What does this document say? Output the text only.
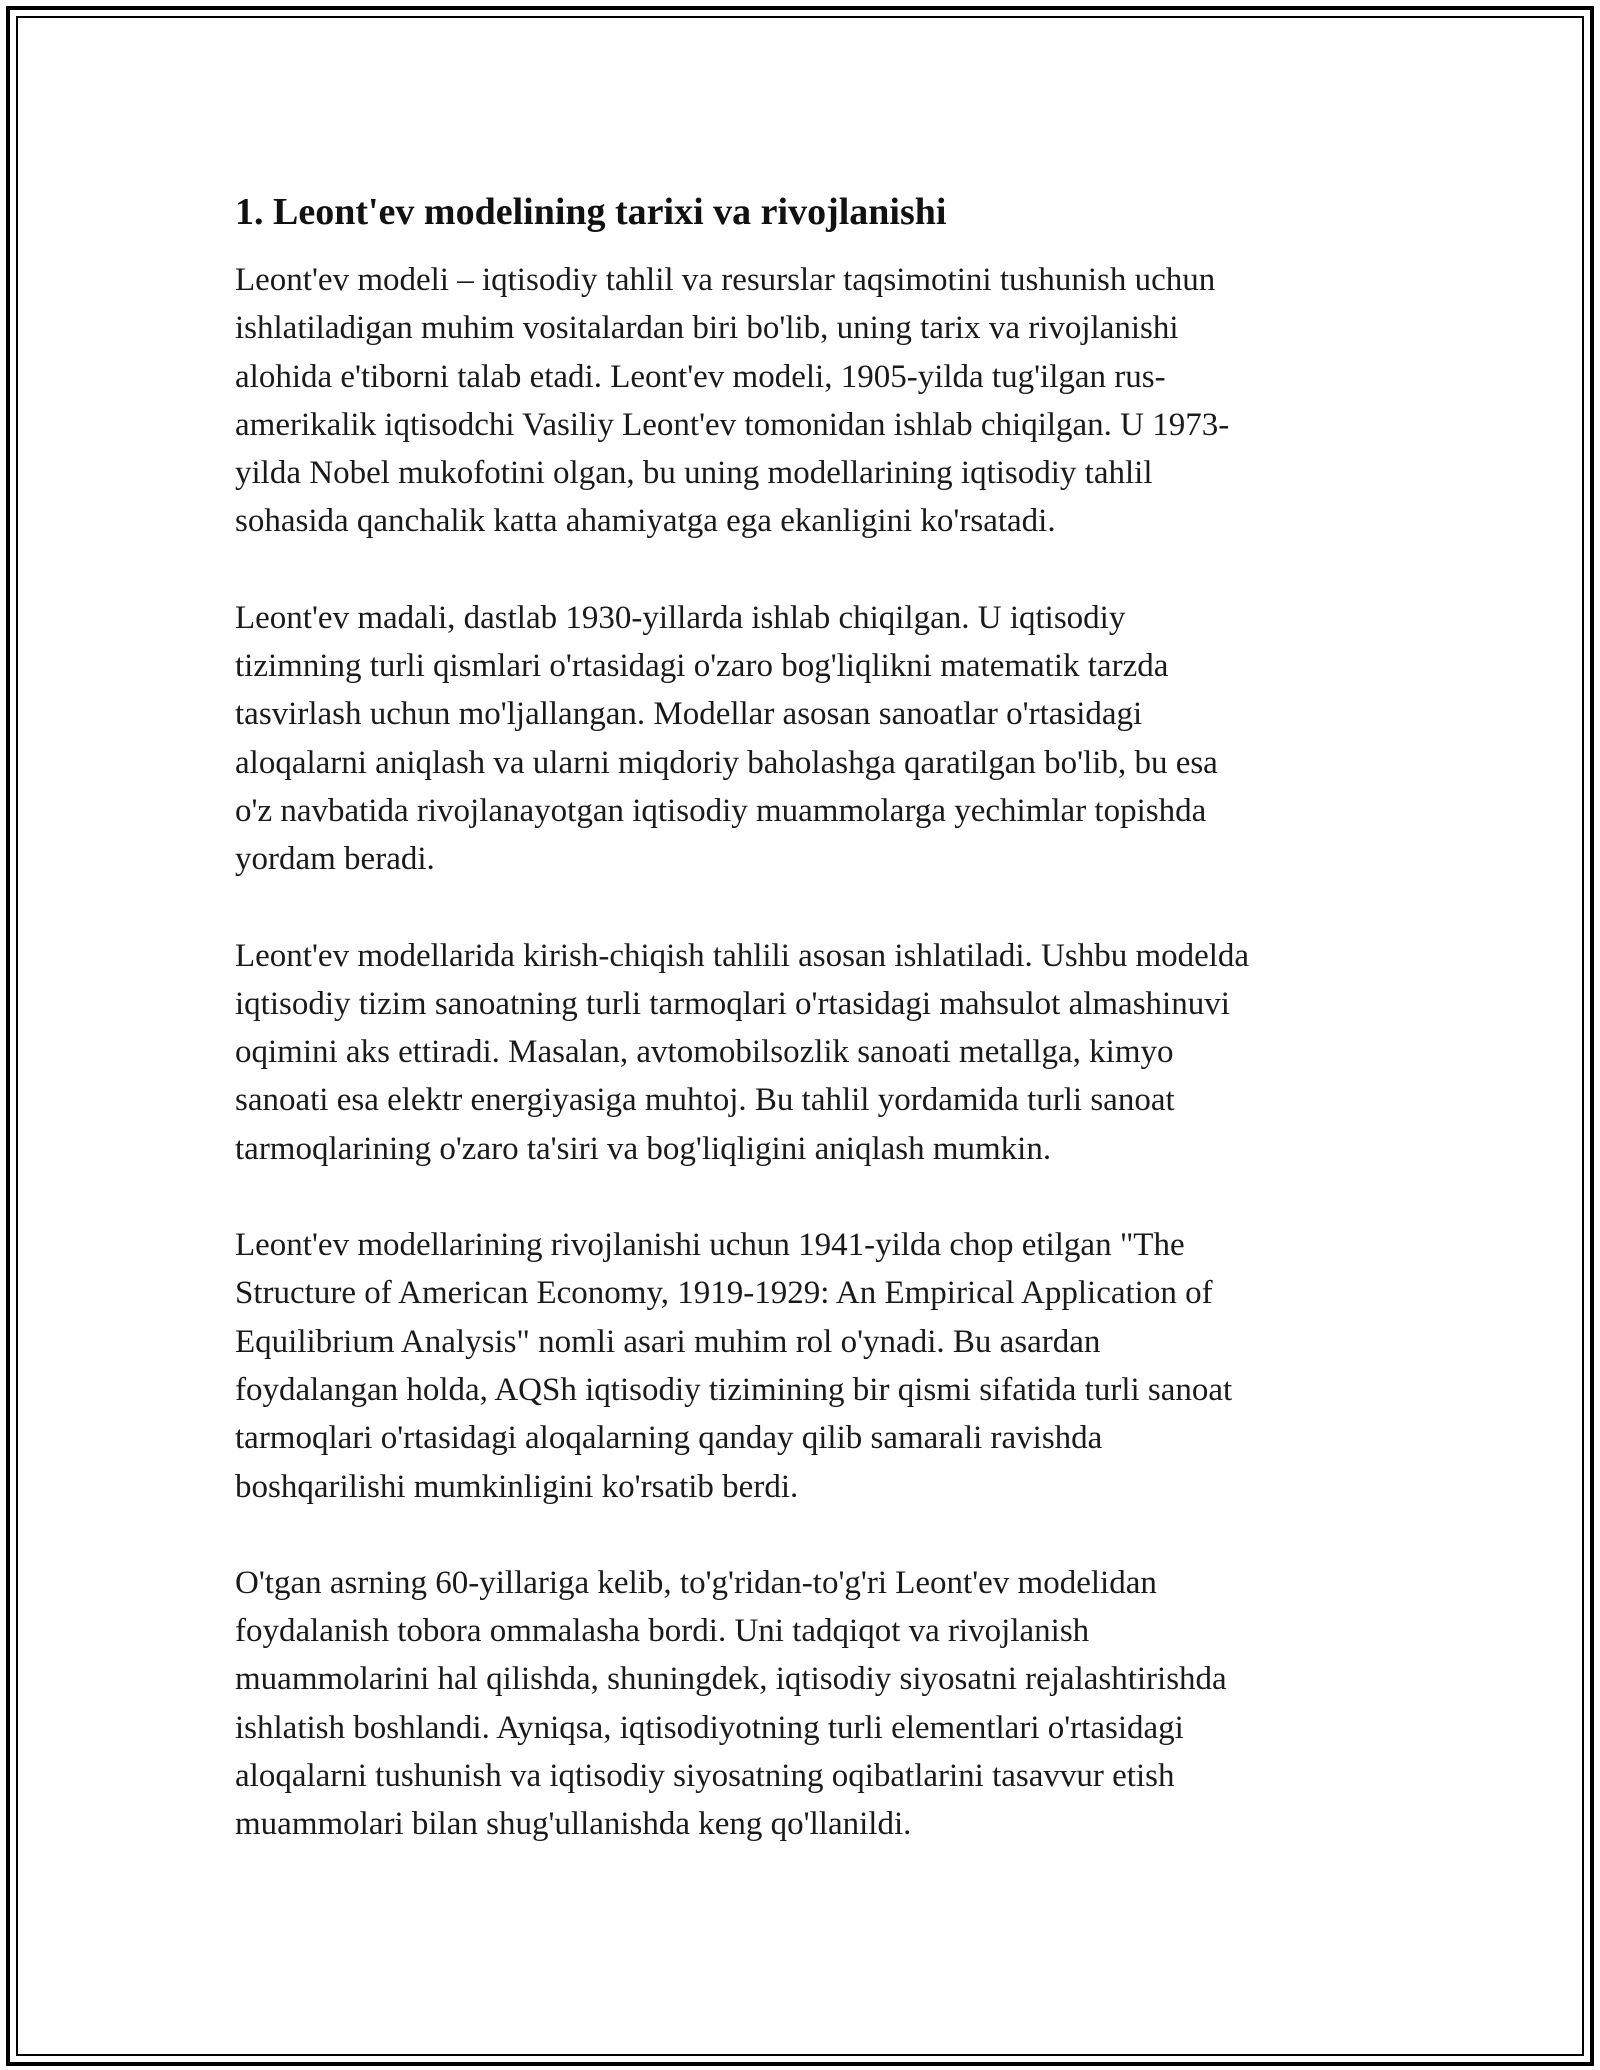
1. Leont'ev modelining tarixi va rivojlanishi

Leont'ev modeli – iqtisodiy tahlil va resurslar taqsimotini tushunish uchun
ishlatiladigan muhim vositalardan biri bo'lib, uning tarix va rivojlanishi
alohida e'tiborni talab etadi. Leont'ev modeli, 1905-yilda tug'ilgan rus-
amerikalik iqtisodchi Vasiliy Leont'ev tomonidan ishlab chiqilgan. U 1973-
yilda Nobel mukofotini olgan, bu uning modellarining iqtisodiy tahlil
sohasida qanchalik katta ahamiyatga ega ekanligini ko'rsatadi.

Leont'ev madali, dastlab 1930-yillarda ishlab chiqilgan. U iqtisodiy
tizimning turli qismlari o'rtasidagi o'zaro bog'liqlikni matematik tarzda
tasvirlash uchun mo'ljallangan. Modellar asosan sanoatlar o'rtasidagi
aloqalarni aniqlash va ularni miqdoriy baholashga qaratilgan bo'lib, bu esa
o'z navbatida rivojlanayotgan iqtisodiy muammolarga yechimlar topishda
yordam beradi.

Leont'ev modellarida kirish-chiqish tahlili asosan ishlatiladi. Ushbu modelda
iqtisodiy tizim sanoatning turli tarmoqlari o'rtasidagi mahsulot almashinuvi
oqimini aks ettiradi. Masalan, avtomobilsozlik sanoati metallga, kimyo
sanoati esa elektr energiyasiga muhtoj. Bu tahlil yordamida turli sanoat
tarmoqlarining o'zaro ta'siri va bog'liqligini aniqlash mumkin.

Leont'ev modellarining rivojlanishi uchun 1941-yilda chop etilgan "The
Structure of American Economy, 1919-1929: An Empirical Application of
Equilibrium Analysis" nomli asari muhim rol o'ynadi. Bu asardan
foydalangan holda, AQSh iqtisodiy tizimining bir qismi sifatida turli sanoat
tarmoqlari o'rtasidagi aloqalarning qanday qilib samarali ravishda
boshqarilishi mumkinligini ko'rsatib berdi.

O'tgan asrning 60-yillariga kelib, to'g'ridan-to'g'ri Leont'ev modelidan
foydalanish tobora ommalasha bordi. Uni tadqiqot va rivojlanish
muammolarini hal qilishda, shuningdek, iqtisodiy siyosatni rejalashtirishda
ishlatish boshlandi. Ayniqsa, iqtisodiyotning turli elementlari o'rtasidagi
aloqalarni tushunish va iqtisodiy siyosatning oqibatlarini tasavvur etish
muammolari bilan shug'ullanishda keng qo'llanildi.
